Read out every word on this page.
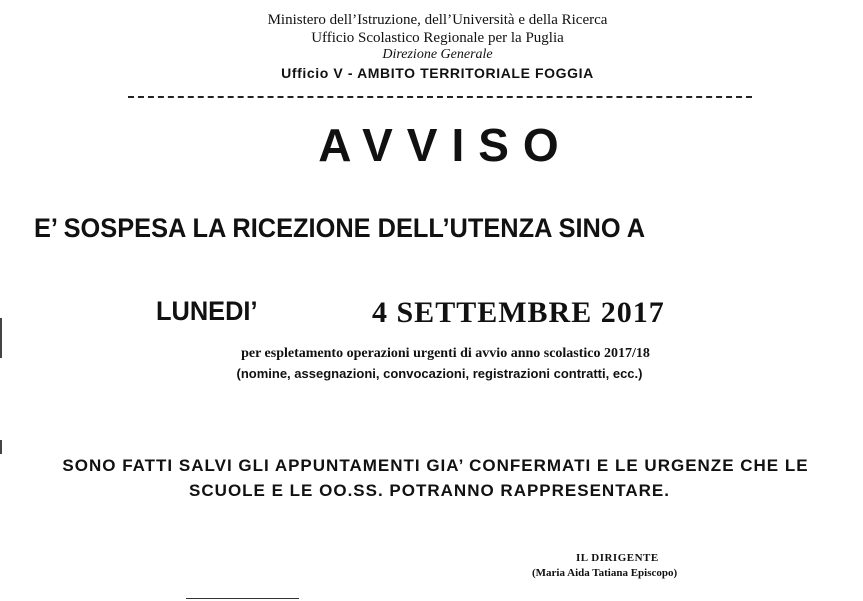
Ministero dell’Istruzione, dell’Università e della Ricerca
Ufficio Scolastico Regionale per la Puglia
Direzione Generale
Ufficio V - AMBITO TERRITORIALE FOGGIA
AVVISO
E’ SOSPESA LA RICEZIONE DELL’UTENZA SINO A
LUNEDI’	4 SETTEMBRE 2017
per espletamento operazioni urgenti di avvio anno scolastico 2017/18
(nomine, assegnazioni, convocazioni, registrazioni contratti, ecc.)
SONO FATTI SALVI GLI APPUNTAMENTI GIA’ CONFERMATI E LE URGENZE CHE LE
SCUOLE E LE OO.SS. POTRANNO RAPPRESENTARE.
IL DIRIGENTE
(Maria Aida Tatiana Episcopo)
